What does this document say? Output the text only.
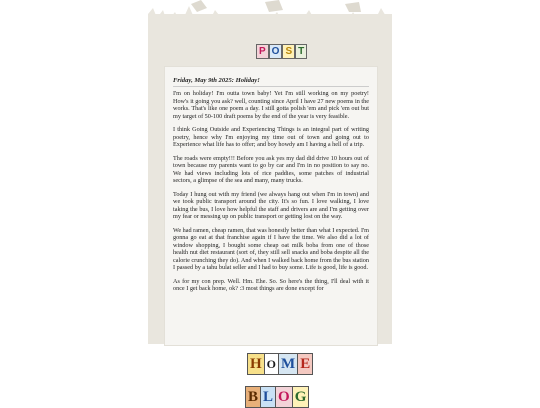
P O S T
Friday, May 9th 2025: Holiday!

I'm on holiday! I'm outta town baby! Yet I'm still working on my poetry! How's it going you ask? well, counting since April I have 27 new poems in the works. That's like one poem a day. I still gotta polish 'em and pick 'em out but my target of 50-100 draft poems by the end of the year is very feasible.

I think Going Outside and Experiencing Things is an integral part of writing poetry, hence why I'm enjoying my time out of town and going out to Experience what life has to offer; and boy howdy am I having a hell of a trip.

The roads were empty!!! Before you ask yes my dad did drive 10 hours out of town because my parents want to go by car and I'm in no position to say no. We had views including lots of rice paddies, some patches of industrial sectors, a glimpse of the sea and many, many trucks.

Today I hung out with my friend (we always hang out when I'm in town) and we took public transport around the city. It's so fun. I love walking, I love taking the bus, I love how helpful the staff and drivers are and I'm getting over my fear or messing up on public transport or getting lost on the way.

We had ramen, cheap ramen, that was honestly better than what I expected. I'm gonna go eat at that franchise again if I have the time. We also did a lot of window shopping, I bought some cheap oat milk boba from one of those health nut diet restaurant (sort of, they still sell snacks and boba despite all the calorie crunching they do). And when I walked back home from the bus station I passed by a tahu bulat seller and I had to buy some. Life is good, life is good.

As for my con prep. Well. Hm. Ehe. So. So here's the thing, I'll deal with it once I get back home, ok? :3 most things are done except for

H O M E
B L O G
